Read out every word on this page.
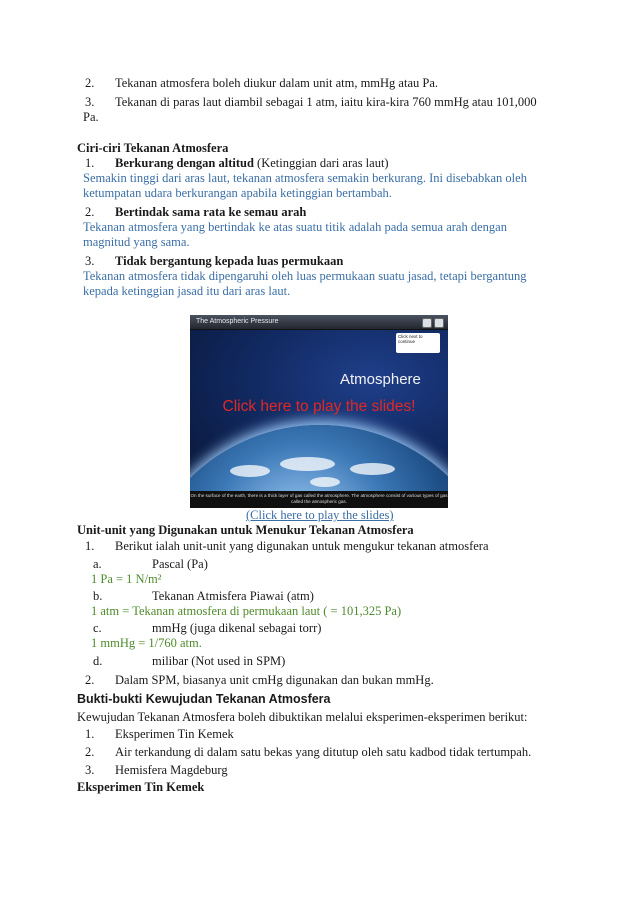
2. Tekanan atmosfera boleh diukur dalam unit atm, mmHg atau Pa.
3. Tekanan di paras laut diambil sebagai 1 atm, iaitu kira-kira 760 mmHg atau 101,000
Pa.
Ciri-ciri Tekanan Atmosfera
1. Berkurang dengan altitud (Ketinggian dari aras laut)
Semakin tinggi dari aras laut, tekanan atmosfera semakin berkurang. Ini disebabkan oleh
ketumpatan udara berkurangan apabila ketinggian bertambah.
2. Bertindak sama rata ke semau arah
Tekanan atmosfera yang bertindak ke atas suatu titik adalah pada semua arah dengan
magnitud yang sama.
3. Tidak bergantung kepada luas permukaan
Tekanan atmosfera tidak dipengaruhi oleh luas permukaan suatu jasad, tetapi bergantung
kepada ketinggian jasad itu dari aras laut.
The Atmospheric Pressure
Click next to continue
Atmosphere
Click here to play the slides!
On the surface of the earth, there is a thick layer of gas called the atmosphere. The atmosphere consist of various types of gas called the atmospheric gas.
(Click here to play the slides)
Unit-unit yang Digunakan untuk Menukur Tekanan Atmosfera
1. Berikut ialah unit-unit yang digunakan untuk mengukur tekanan atmosfera
a.	Pascal (Pa)
1 Pa = 1 N/m²
b.	Tekanan Atmisfera Piawai (atm)
1 atm = Tekanan atmosfera di permukaan laut ( = 101,325 Pa)
c.	mmHg (juga dikenal sebagai torr)
1 mmHg = 1/760 atm.
d.	milibar (Not used in SPM)
2. Dalam SPM, biasanya unit cmHg digunakan dan bukan mmHg.
Bukti-bukti Kewujudan Tekanan Atmosfera
Kewujudan Tekanan Atmosfera boleh dibuktikan melalui eksperimen-eksperimen berikut:
1. Eksperimen Tin Kemek
2. Air terkandung di dalam satu bekas yang ditutup oleh satu kadbod tidak tertumpah.
3. Hemisfera Magdeburg
Eksperimen Tin Kemek
